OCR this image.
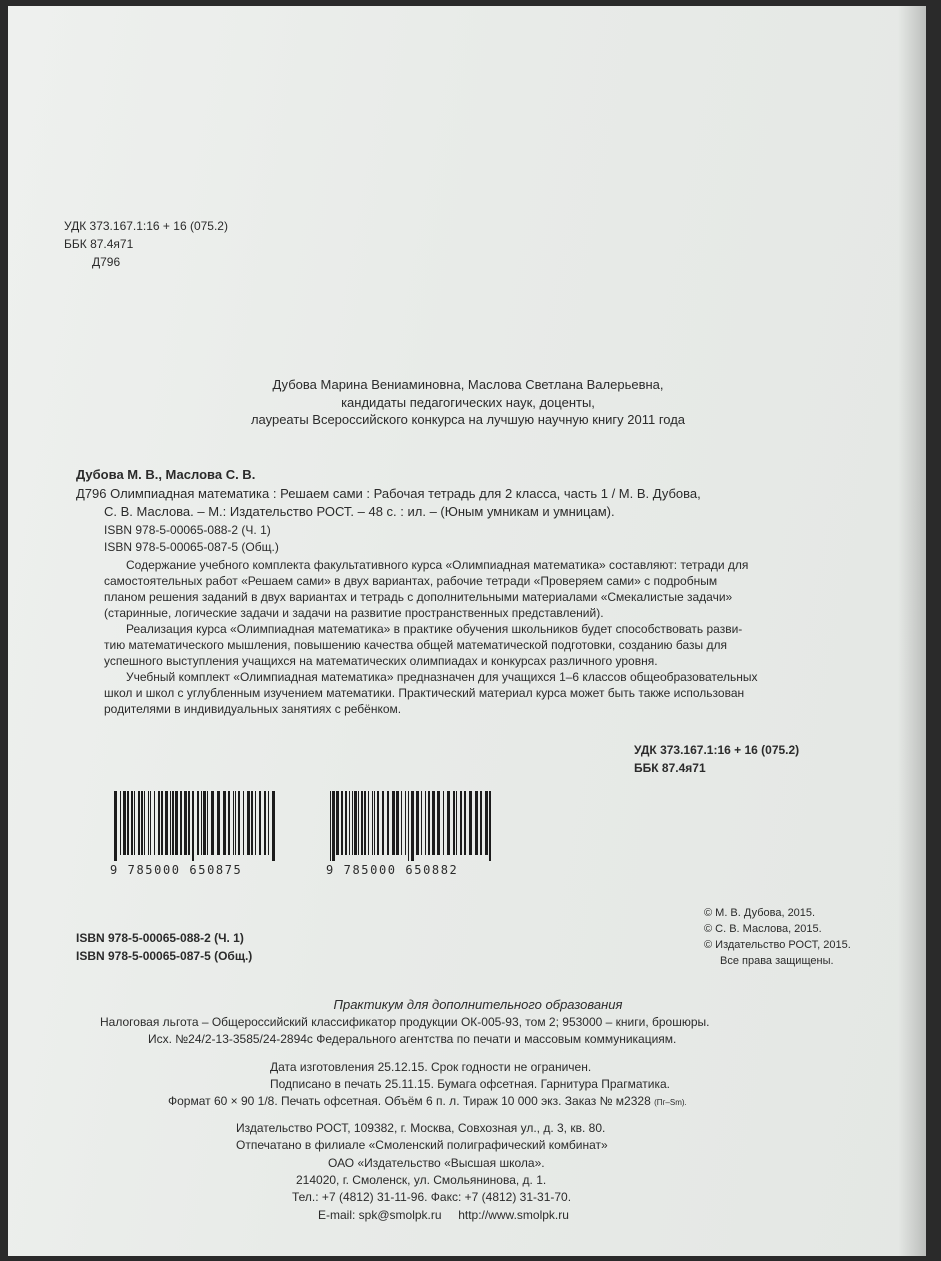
УДК 373.167.1:16 + 16 (075.2)
ББК 87.4я71
Д796
Дубова Марина Вениаминовна, Маслова Светлана Валерьевна,
кандидаты педагогических наук, доценты,
лауреаты Всероссийского конкурса на лучшую научную книгу 2011 года
Дубова М. В., Маслова С. В.
Д796 Олимпиадная математика : Решаем сами : Рабочая тетрадь для 2 класса, часть 1 / М. В. Дубова,
С. В. Маслова. – М.: Издательство РОСТ. – 48 с. : ил. – (Юным умникам и умницам).
ISBN 978-5-00065-088-2 (Ч. 1)
ISBN 978-5-00065-087-5 (Общ.)

Содержание учебного комплекта факультативного курса «Олимпиадная математика» составляют: тетради для

самостоятельных работ «Решаем сами» в двух вариантах, рабочие тетради «Проверяем сами» с подробным

планом решения заданий в двух вариантах и тетрадь с дополнительными материалами «Смекалистые задачи»

(старинные, логические задачи и задачи на развитие пространственных представлений).

Реализация курса «Олимпиадная математика» в практике обучения школьников будет способствовать разви-

тию математического мышления, повышению качества общей математической подготовки, созданию базы для

успешного выступления учащихся на математических олимпиадах и конкурсах различного уровня.

Учебный комплект «Олимпиадная математика» предназначен для учащихся 1–6 классов общеобразовательных

школ и школ с углубленным изучением математики. Практический материал курса может быть также использован

родителями в индивидуальных занятиях с ребёнком.

УДК 373.167.1:16 + 16 (075.2)
ББК 87.4я71
9 785000 650875	9 785000 650882
ISBN 978-5-00065-088-2 (Ч. 1)
ISBN 978-5-00065-087-5 (Общ.)
© М. В. Дубова, 2015.
© С. В. Маслова, 2015.
© Издательство РОСТ, 2015.
Все права защищены.
Практикум для дополнительного образования
Налоговая льгота – Общероссийский классификатор продукции ОК-005-93, том 2; 953000 – книги, брошюры.
Исх. №24/2-13-3585/24-2894с Федерального агентства по печати и массовым коммуникациям.
Дата изготовления 25.12.15. Срок годности не ограничен.
Подписано в печать 25.11.15. Бумага офсетная. Гарнитура Прагматика.
Формат 60 × 90 1/8. Печать офсетная. Объём 6 п. л. Тираж 10 000 экз. Заказ № м2328 (Пг–Sm).
Издательство РОСТ, 109382, г. Москва, Совхозная ул., д. 3, кв. 80.
Отпечатано в филиале «Смоленский полиграфический комбинат»
ОАО «Издательство «Высшая школа».
214020, г. Смоленск, ул. Смольянинова, д. 1.
Тел.: +7 (4812) 31-11-96. Факс: +7 (4812) 31-31-70.
E-mail: spk@smolpk.ru     http://www.smolpk.ru
